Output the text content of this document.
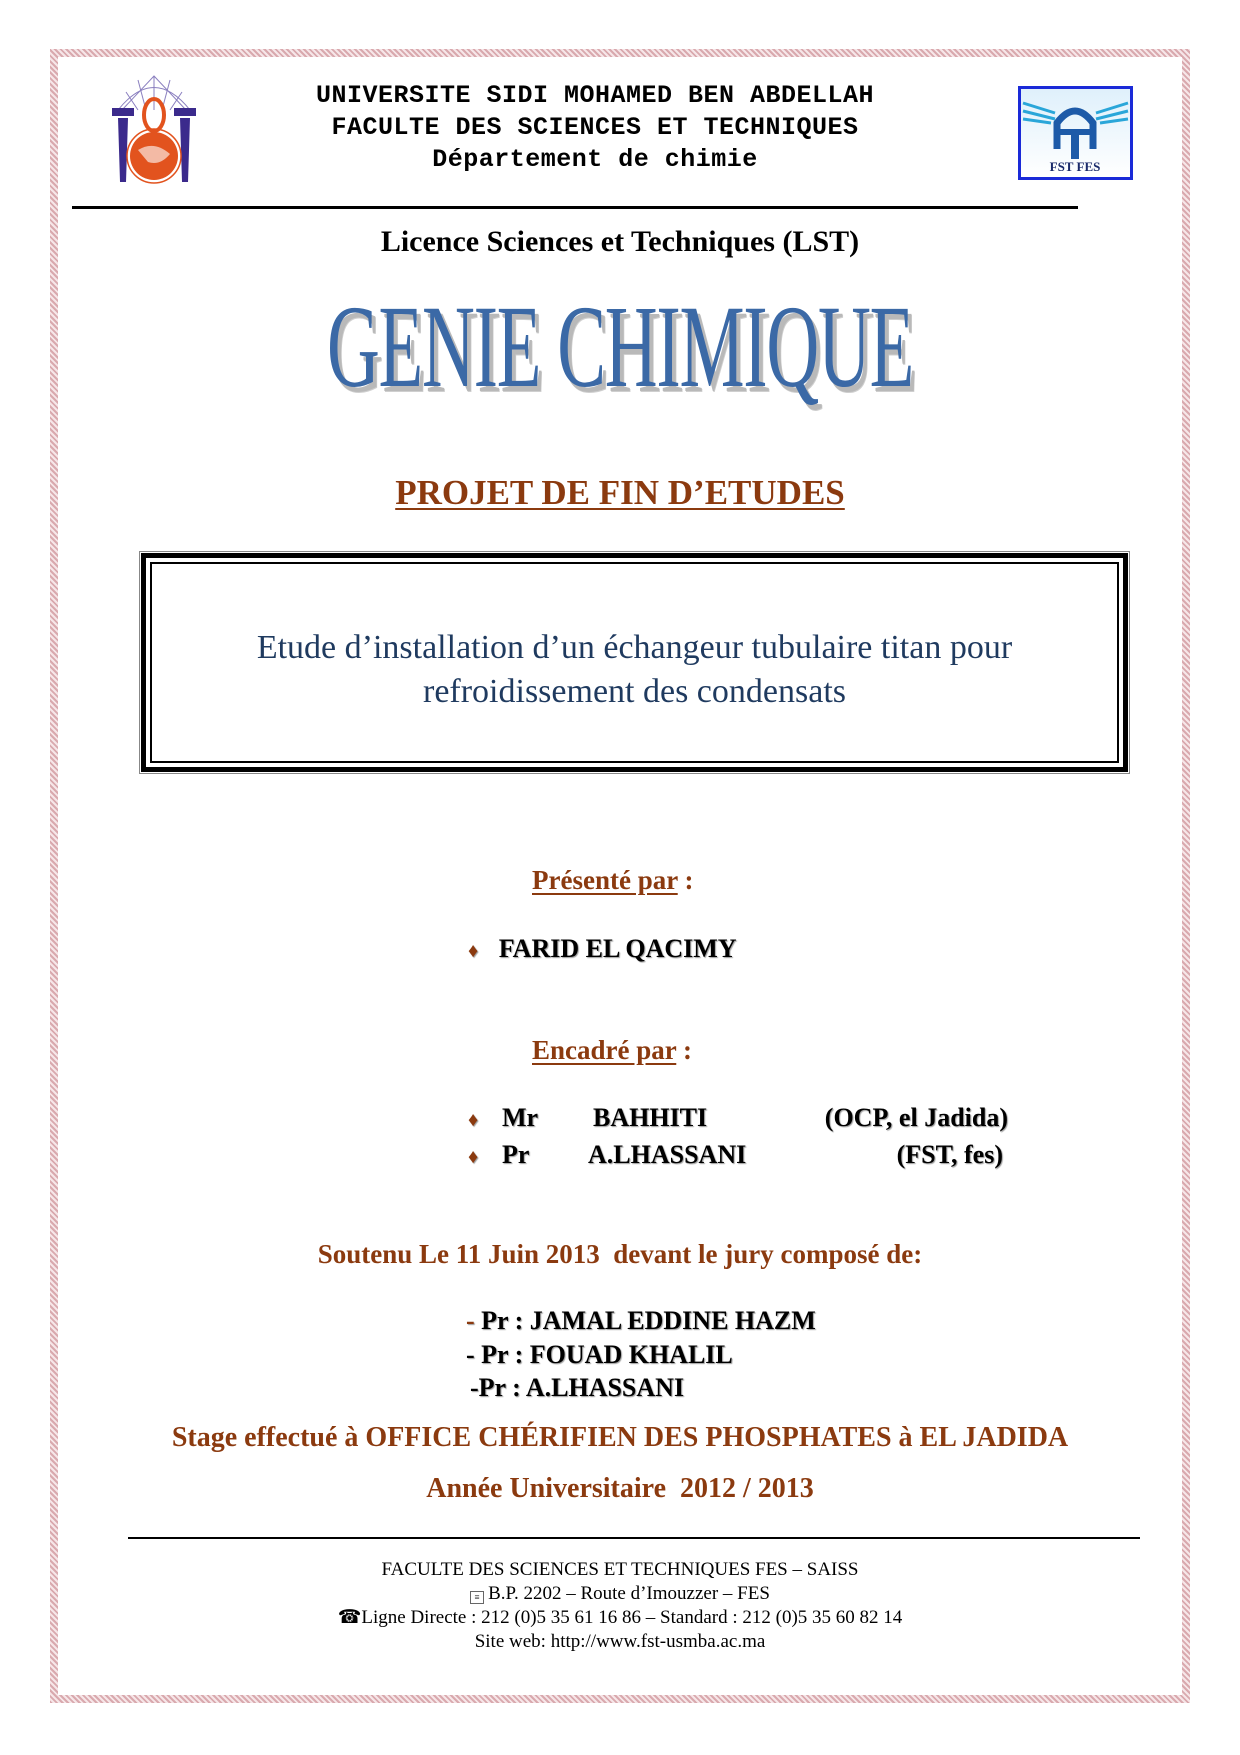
UNIVERSITE SIDI MOHAMED BEN ABDELLAH
FACULTE DES SCIENCES ET TECHNIQUES
Département de chimie	FST FES
Licence Sciences et Techniques (LST)
GENIE CHIMIQUE
PROJET DE FIN D’ETUDES
Etude d’installation d’un échangeur tubulaire titan pour
refroidissement des condensats
Présenté par :
♦ FARID EL QACIMY
Encadré par :
♦ Mr BAHHITI	(OCP, el Jadida)
♦ Pr A.LHASSANI	(FST, fes)
Soutenu Le 11 Juin 2013  devant le jury composé de:
- Pr : JAMAL EDDINE HAZM
- Pr : FOUAD KHALIL
-Pr : A.LHASSANI
Stage effectué à OFFICE CHÉRIFIEN DES PHOSPHATES à EL JADIDA
Année Universitaire  2012 / 2013
FACULTE DES SCIENCES ET TECHNIQUES FES – SAISS
≡ B.P. 2202 – Route d’Imouzzer – FES
☎Ligne Directe : 212 (0)5 35 61 16 86 – Standard : 212 (0)5 35 60 82 14
Site web: http://www.fst-usmba.ac.ma
